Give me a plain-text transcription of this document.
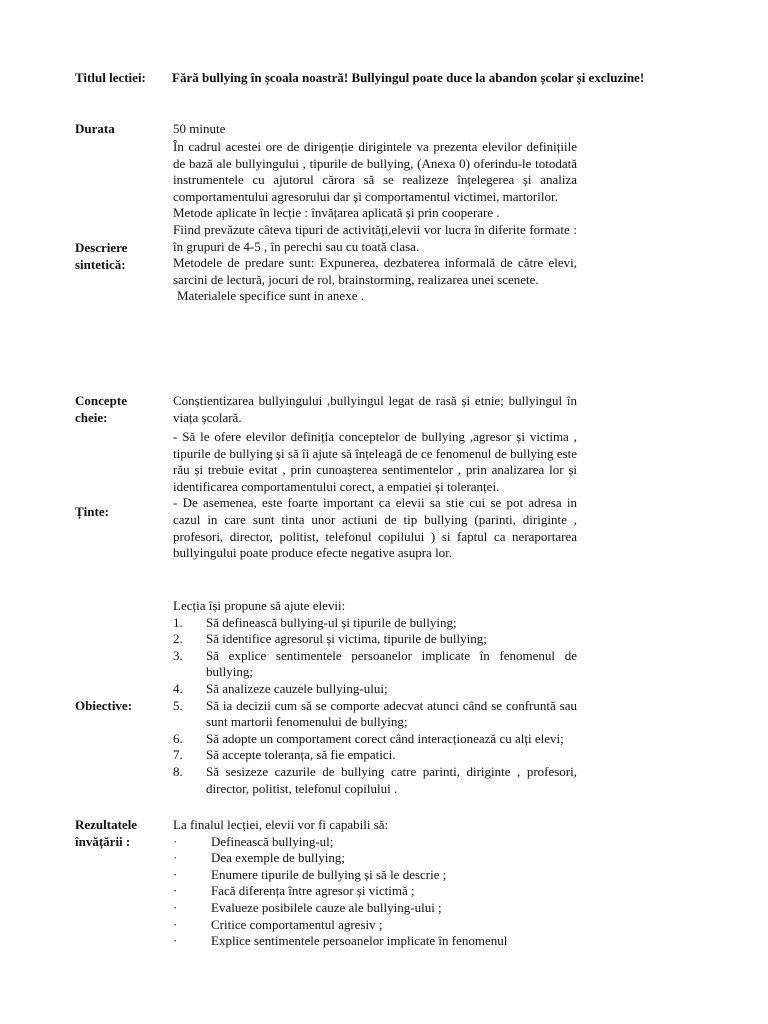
Titlul lectiei: Fără bullying în școala noastră! Bullyingul poate duce la abandon școlar și excluzine!
Durata	50 minute
Descriere
sintetică:

În cadrul acestei ore de dirigenție dirigintele va prezenta elevilor definițiile de bază ale bullyingului , tipurile de bullying, (Anexa 0) oferindu-le totodată instrumentele cu ajutorul cărora să se realizeze înțelegerea și analiza comportamentului agresorului dar și comportamentul victimei, martorilor.

Metode aplicate în lecție : învățarea aplicată și prin cooperare .

Fiind prevăzute câteva tipuri de activități,elevii vor lucra în diferite formate : în grupuri de 4-5 , în perechi sau cu toată clasa.

Metodele de predare sunt: Expunerea, dezbaterea informală de către elevi, sarcini de lectură, jocuri de rol, brainstorming, realizarea unei scenete.

Materialele specifice sunt in anexe .

Concepte
cheie:
Conștientizarea bullyingului ,bullyingul legat de rasă și etnie; bullyingul în viața școlară.
Ținte:

- Să le ofere elevilor definiția conceptelor de bullying ,agresor și victima , tipurile de bullying și să îi ajute să înțeleagă de ce fenomenul de bullying este rău și trebuie evitat , prin cunoașterea sentimentelor , prin analizarea lor și identificarea comportamentului corect, a empatiei și toleranței.

- De asemenea, este foarte important ca elevii sa stie cui se pot adresa in cazul in care sunt tinta unor actiuni de tip bullying (parinti, diriginte , profesori, director, politist, telefonul copilului ) si faptul ca neraportarea bullyingului poate produce efecte negative asupra lor.

Obiective:

Lecția își propune să ajute elevii:

1.	Să definească bullying-ul și tipurile de bullying;
2.	Să identifice agresorul și victima, tipurile de bullying;
3.	Să explice sentimentele persoanelor implicate în fenomenul de bullying;
4.	Să analizeze cauzele bullying-ului;
5.	Să ia decizii cum să se comporte adecvat atunci când se confruntă sau sunt martorii fenomenului de bullying;
6.	Să adopte un comportament corect când interacționează cu alți elevi;
7.	Să accepte toleranța, să fie empatici.
8.	Să sesizeze cazurile de bullying catre parinti, diriginte , profesori, director, politist, telefonul copilului .
Rezultatele
învățării :

La finalul lecției, elevii vor fi capabili să:

·	Definească bullying-ul;
·	Dea exemple de bullying;
·	Enumere tipurile de bullying și să le descrie ;
·	Facă diferența între agresor și victimă ;
·	Evalueze posibilele cauze ale bullying-ului ;
·	Critice comportamentul agresiv ;
·	Explice sentimentele persoanelor implicate în fenomenul
